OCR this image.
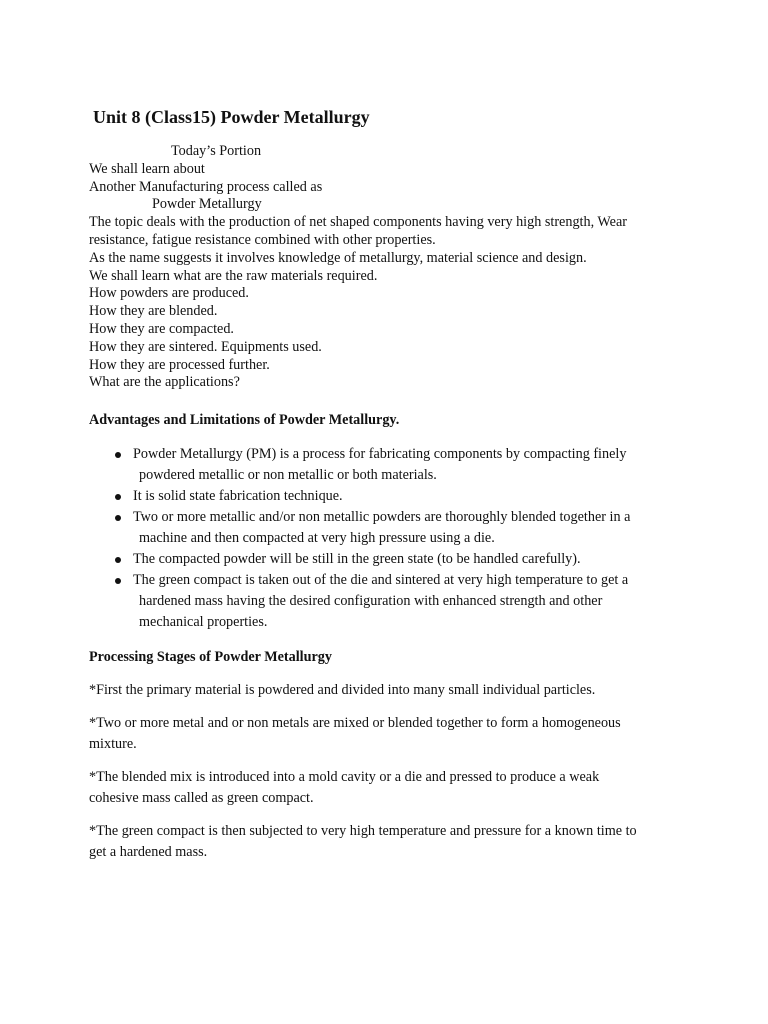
Unit 8 (Class15) Powder Metallurgy
Today’s Portion
We shall learn about
Another Manufacturing process called as
Powder Metallurgy
The topic deals with the production of net shaped components having very high strength, Wear
resistance, fatigue resistance combined with other properties.
As the name suggests it involves knowledge of metallurgy, material science and design.
We shall learn what are the raw materials required.
How powders are produced.
How they are blended.
How they are compacted.
How they are sintered. Equipments used.
How they are processed further.
What are the applications?
Advantages and Limitations of Powder Metallurgy.
Powder Metallurgy (PM) is a process for fabricating components by compacting finely
powdered metallic or non metallic or both materials.
It is solid state fabrication technique.
Two or more metallic and/or non metallic powders are thoroughly blended together in a
machine and then compacted at very high pressure using a die.
The compacted powder will be still in the green state (to be handled carefully).
The green compact is taken out of the die and sintered at very high temperature to get a
hardened mass having the desired configuration with enhanced strength and other
mechanical properties.
Processing Stages of Powder Metallurgy

*First the primary material is powdered and divided into many small individual particles.

*Two or more metal and or non metals are mixed or blended together to form a homogeneous
mixture.

*The blended mix is introduced into a mold cavity or a die and pressed to produce a weak
cohesive mass called as green compact.

*The green compact is then subjected to very high temperature and pressure for a known time to
get a hardened mass.
